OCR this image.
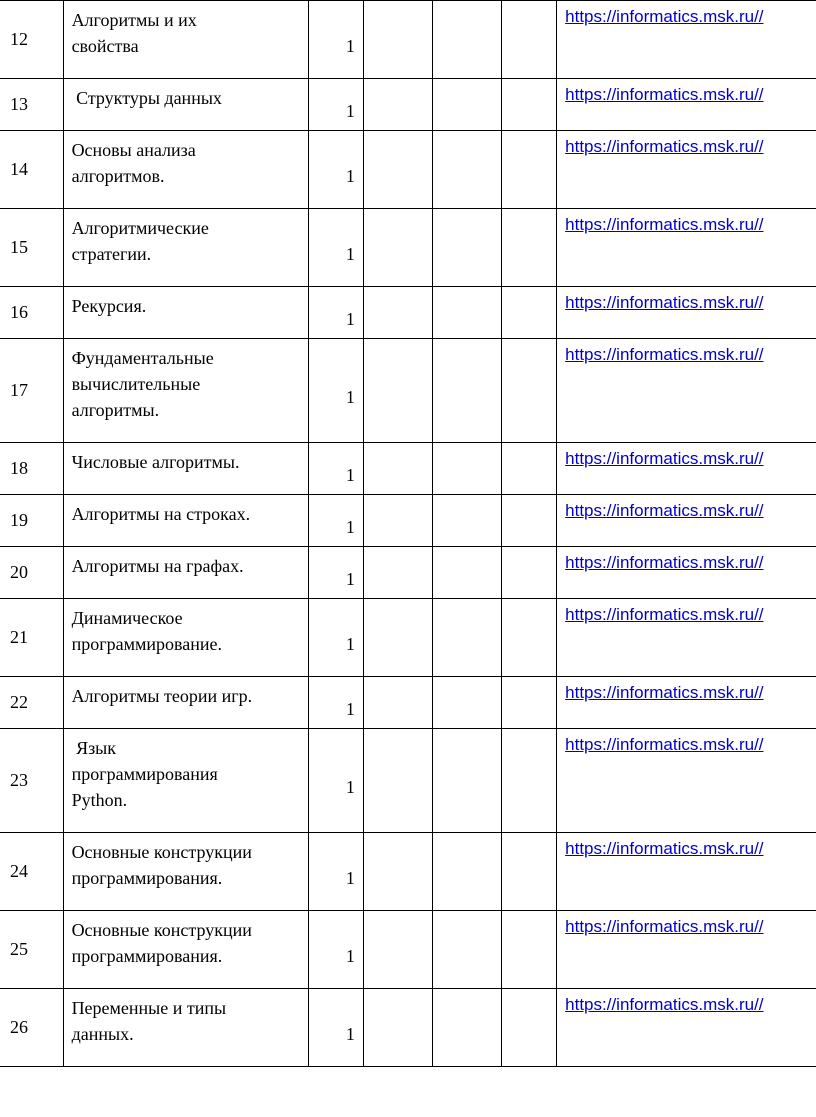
12	Алгоритмы и их
свойства	1				https://informatics.msk.ru//
13	Структуры данных	1				https://informatics.msk.ru//
14	Основы анализа
алгоритмов.	1				https://informatics.msk.ru//
15	Алгоритмические
стратегии.	1				https://informatics.msk.ru//
16	Рекурсия.	1				https://informatics.msk.ru//
17	Фундаментальные
вычислительные
алгоритмы.	1				https://informatics.msk.ru//
18	Числовые алгоритмы.	1				https://informatics.msk.ru//
19	Алгоритмы на строках.	1				https://informatics.msk.ru//
20	Алгоритмы на графах.	1				https://informatics.msk.ru//
21	Динамическое
программирование.	1				https://informatics.msk.ru//
22	Алгоритмы теории игр.	1				https://informatics.msk.ru//
23	Язык
программирования
Python.	1				https://informatics.msk.ru//
24	Основные конструкции
программирования.	1				https://informatics.msk.ru//
25	Основные конструкции
программирования.	1				https://informatics.msk.ru//
26	Переменные и типы
данных.	1				https://informatics.msk.ru//
